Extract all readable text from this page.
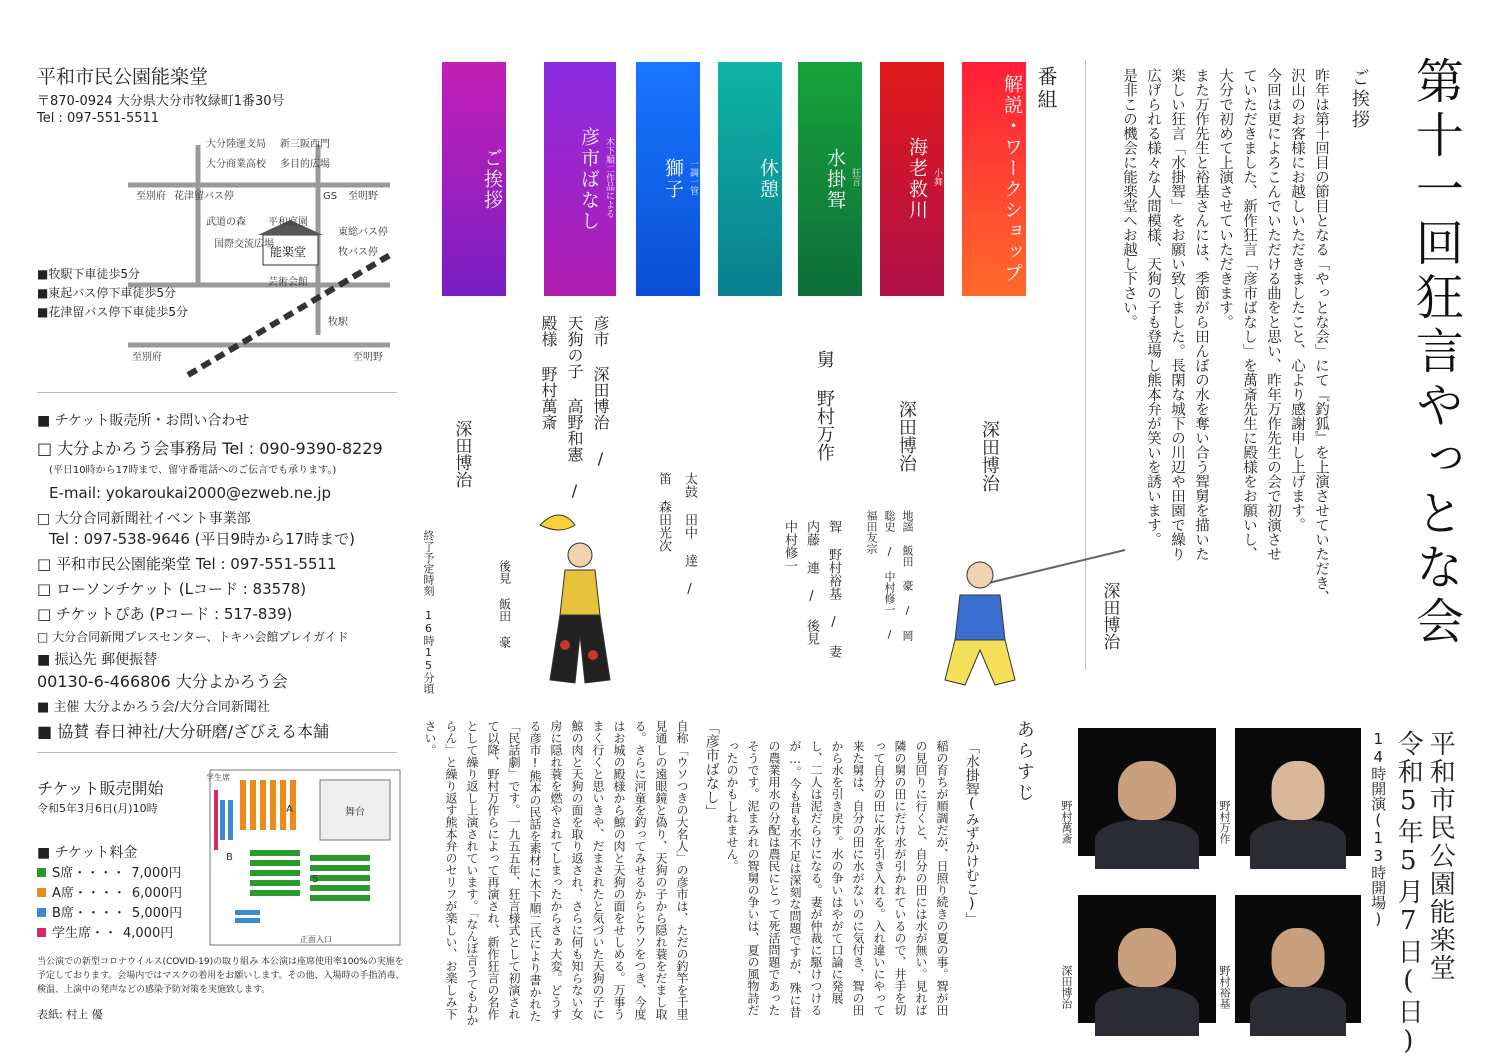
第十一回狂言やっとな会
平和市民公園能楽堂
令和5年5月7日(日)
14時開演(13時開場)
野村萬斎	野村万作
深田博治	野村裕基
ご挨拶

昨年は第十回目の節目となる「やっとな会」にて『釣狐』を上演させていただき、

沢山のお客様にお越しいただきましたこと、心より感謝申し上げます。

今回は更によろこんでいただける曲をと思い、昨年万作先生の会で初演させ

ていただきました、新作狂言「彦市ばなし」を萬斎先生に殿様をお願いし、

大分で初めて上演させていただきます。

また万作先生と裕基さんには、季節がら田んぼの水を奪い合う聟舅を描いた

楽しい狂言「水掛聟」をお願い致しました。長閑な城下の川辺や田園で繰り

広げられる様々な人間模様、天狗の子も登場し熊本弁が笑いを誘います。

是非この機会に能楽堂へお越し下さい。

深田博治
番組
解説・ワークショップ
小舞
海老救川
狂言
水掛聟
休憩
一調一管
獅子
木下順二作品による
彦市ばなし
ご挨拶
深田博治
深田博治
地謡 飯田 豪 / 岡 聡史 / 中村修一 / 福田友宗
舅 野村万作
聟 野村裕基 / 妻 内藤 連 / 後見 中村修一
太鼓 田中 達 / 笛 森田光次
彦市 深田博治 / 天狗の子 高野和憲 / 殿様 野村萬斎
後見 飯田 豪
深田博治
終了予定時刻 16時15分頃
あらすじ
「水掛聟(みずかけむこ)」
稲の育ちが順調だが、日照り続きの夏の事。聟が田の見回りに行くと、自分の田には水が無い。見れば隣の舅の田にだけ水が引かれているので、井手を切って自分の田に水を引き入れる。入れ違いにやって来た舅は、自分の田に水がないのに気付き、聟の田から水を引き戻す。水の争いはやがて口論に発展し、二人は泥だらけになる。妻が仲裁に駆けつけるが…。今も昔も水不足は深刻な問題ですが、殊に昔の農業用水の分配は農民にとって死活問題であったそうです。泥まみれの聟舅の争いは、夏の風物詩だったのかもしれません。
「彦市ばなし」
自称「ウソつきの大名人」の彦市は、ただの釣竿を千里見通しの遠眼鏡と偽り、天狗の子から隠れ蓑をだまし取る。さらに河童を釣ってみせるからとウソをつき、今度はお城の殿様から鯨の肉と天狗の面をせしめる。万事うまく行くと思いきや、だまされたと気づいた天狗の子に鯨の肉と天狗の面を取り返され、さらに何も知らない女房に隠れ蓑を燃やされてしまったからさぁ大変。どうする彦市!熊本の民話を素材に木下順二氏により書かれた「民話劇」です。一九五五年、狂言様式として初演されて以降、野村万作らによって再演され、新作狂言の名作として繰り返し上演されています。「なんぼ言うてもわからん」と繰り返す熊本弁のセリフが楽しい、お楽しみ下さい。
平和市民公園能楽堂
〒870-0924 大分県大分市牧緑町1番30号
Tel : 097-551-5511
至別府 花津留バス停
大分陸運支局 新三阪西門
大分商業高校 多目的広場
GS 至明野
武道の森 平和庭園
国際交流広場
能楽堂
芸術会館
東総バス停
牧バス停
牧駅
至別府	至明野
■牧駅下車徒歩5分
■東起バス停下車徒歩5分
■花津留バス停下車徒歩5分
■ チケット販売所・お問い合わせ
□ 大分よかろう会事務局 Tel : 090-9390-8229
(平日10時から17時まで、留守番電話へのご伝言でも承ります。)
E-mail: yokaroukai2000@ezweb.ne.jp
□ 大分合同新聞社イベント事業部
Tel : 097-538-9646 (平日9時から17時まで)
□ 平和市民公園能楽堂 Tel : 097-551-5511
□ ローソンチケット (Lコード : 83578)
□ チケットぴあ (Pコード : 517-839)
□ 大分合同新聞プレスセンター、トキハ会館プレイガイド
■ 振込先 郵便振替
00130-6-466806 大分よかろう会
■ 主催 大分よかろう会/大分合同新聞社
■ 協賛 春日神社/大分研磨/ざびえる本舗
チケット販売開始
令和5年3月6日(月)10時
■ チケット料金
S席・・・・ 7,000円
A席・・・・ 6,000円
B席・・・・ 5,000円
学生席・・ 4,000円
舞台
A
S
B
学生席
正面入口
当公演での新型コロナウイルス(COVID-19)の取り組み 本公演は座席使用率100%の実施を予定しております。会場内ではマスクの着用をお願いします。その他、入場時の手指消毒、検温、上演中の発声などの感染予防対策を実施致します。
表紙: 村上 優
